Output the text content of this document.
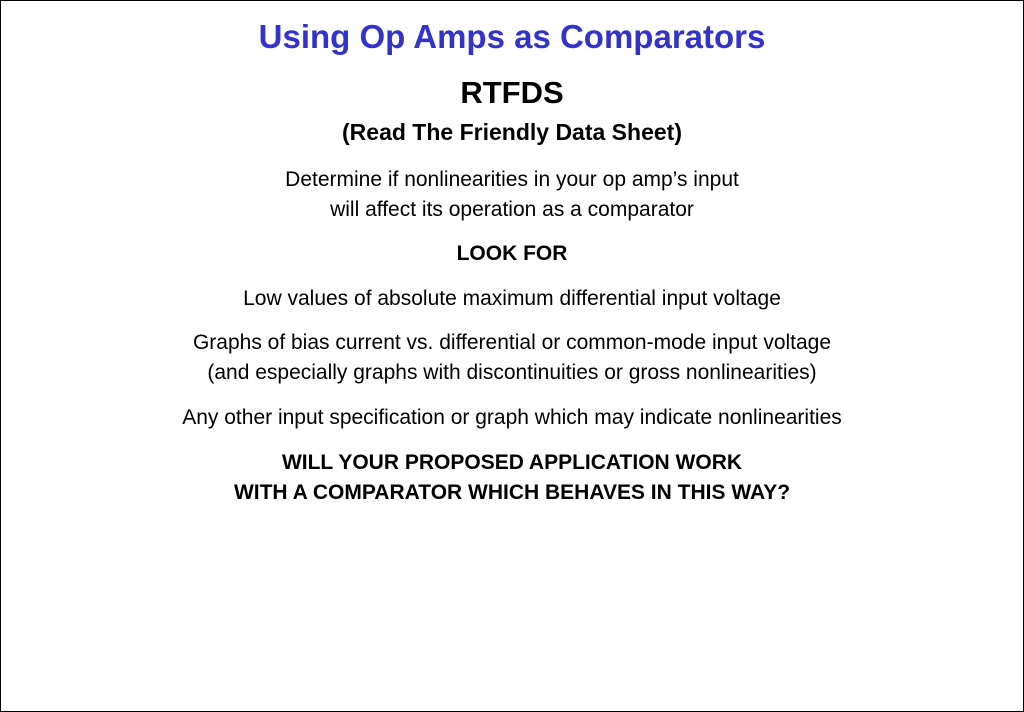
Using Op Amps as Comparators
RTFDS
(Read The Friendly Data Sheet)
Determine if nonlinearities in your op amp’s input
will affect its operation as a comparator
LOOK FOR
Low values of absolute maximum differential input voltage
Graphs of bias current vs. differential or common-mode input voltage
(and especially graphs with discontinuities or gross nonlinearities)
Any other input specification or graph which may indicate nonlinearities
WILL YOUR PROPOSED APPLICATION WORK
WITH A COMPARATOR WHICH BEHAVES IN THIS WAY?
